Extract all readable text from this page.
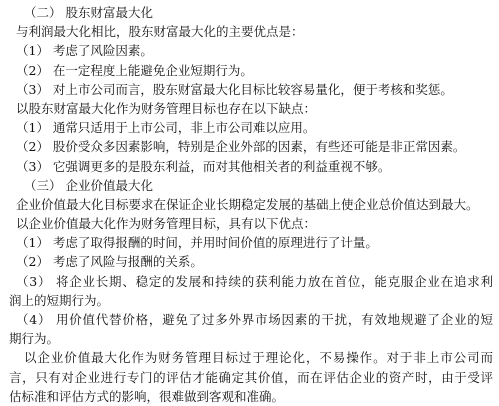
（二） 股东财富最大化
与利润最大化相比，股东财富最大化的主要优点是：
（1） 考虑了风险因素。
（2） 在一定程度上能避免企业短期行为。
（3） 对上市公司而言，股东财富最大化目标比较容易量化，便于考核和奖惩。
以股东财富最大化作为财务管理目标也存在以下缺点：
（1） 通常只适用于上市公司，非上市公司难以应用。
（2） 股价受众多因素影响，特别是企业外部的因素，有些还可能是非正常因素。
（3） 它强调更多的是股东利益，而对其他相关者的利益重视不够。
（三） 企业价值最大化
企业价值最大化目标要求在保证企业长期稳定发展的基础上使企业总价值达到最大。
以企业价值最大化作为财务管理目标，具有以下优点：
（1） 考虑了取得报酬的时间，并用时间价值的原理进行了计量。
（2） 考虑了风险与报酬的关系。
（3） 将企业长期、稳定的发展和持续的获利能力放在首位，能克服企业在追求利
润上的短期行为。
（4） 用价值代替价格，避免了过多外界市场因素的干扰，有效地规避了企业的短
期行为。
以企业价值最大化作为财务管理目标过于理论化，不易操作。对于非上市公司而
言，只有对企业进行专门的评估才能确定其价值，而在评估企业的资产时，由于受评
估标准和评估方式的影响，很难做到客观和准确。
